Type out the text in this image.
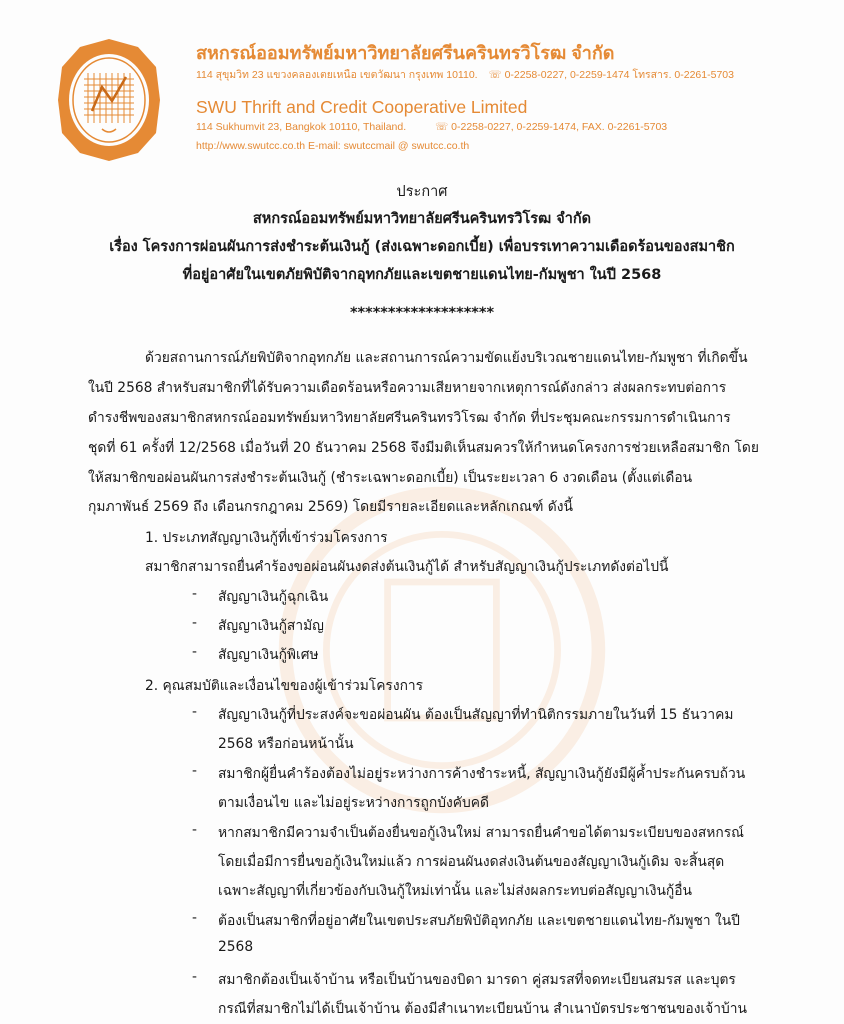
สหกรณ์ออมทรัพย์มหาวิทยาลัยศรีนครินทรวิโรฒ จำกัด
114 สุขุมวิท 23 แขวงคลองเตยเหนือ เขตวัฒนา กรุงเทพ 10110. ☏ 0-2258-0227, 0-2259-1474 โทรสาร. 0-2261-5703
SWU Thrift and Credit Cooperative Limited
114 Sukhumvit 23, Bangkok 10110, Thailand.	☏ 0-2258-0227, 0-2259-1474, FAX. 0-2261-5703
http://www.swutcc.co.th E-mail: swutccmail @ swutcc.co.th
ประกาศ
สหกรณ์ออมทรัพย์มหาวิทยาลัยศรีนครินทรวิโรฒ จำกัด
เรื่อง โครงการผ่อนผันการส่งชำระต้นเงินกู้ (ส่งเฉพาะดอกเบี้ย) เพื่อบรรเทาความเดือดร้อนของสมาชิก
ที่อยู่อาศัยในเขตภัยพิบัติจากอุทกภัยและเขตชายแดนไทย-กัมพูชา ในปี 2568
*******************
ด้วยสถานการณ์ภัยพิบัติจากอุทกภัย และสถานการณ์ความขัดแย้งบริเวณชายแดนไทย-กัมพูชา ที่เกิดขึ้น
ในปี 2568 สำหรับสมาชิกที่ได้รับความเดือดร้อนหรือความเสียหายจากเหตุการณ์ดังกล่าว ส่งผลกระทบต่อการ
ดำรงชีพของสมาชิกสหกรณ์ออมทรัพย์มหาวิทยาลัยศรีนครินทรวิโรฒ จำกัด ที่ประชุมคณะกรรมการดำเนินการ
ชุดที่ 61 ครั้งที่ 12/2568 เมื่อวันที่ 20 ธันวาคม 2568 จึงมีมติเห็นสมควรให้กำหนดโครงการช่วยเหลือสมาชิก โดย
ให้สมาชิกขอผ่อนผันการส่งชำระต้นเงินกู้ (ชำระเฉพาะดอกเบี้ย) เป็นระยะเวลา 6 งวดเดือน (ตั้งแต่เดือน
กุมภาพันธ์ 2569 ถึง เดือนกรกฎาคม 2569) โดยมีรายละเอียดและหลักเกณฑ์ ดังนี้
1. ประเภทสัญญาเงินกู้ที่เข้าร่วมโครงการ
สมาชิกสามารถยื่นคำร้องขอผ่อนผันงดส่งต้นเงินกู้ได้ สำหรับสัญญาเงินกู้ประเภทดังต่อไปนี้
- สัญญาเงินกู้ฉุกเฉิน
- สัญญาเงินกู้สามัญ
- สัญญาเงินกู้พิเศษ
2. คุณสมบัติและเงื่อนไขของผู้เข้าร่วมโครงการ
- สัญญาเงินกู้ที่ประสงค์จะขอผ่อนผัน ต้องเป็นสัญญาที่ทำนิติกรรมภายในวันที่ 15 ธันวาคม
2568 หรือก่อนหน้านั้น
- สมาชิกผู้ยื่นคำร้องต้องไม่อยู่ระหว่างการค้างชำระหนี้, สัญญาเงินกู้ยังมีผู้ค้ำประกันครบถ้วน
ตามเงื่อนไข และไม่อยู่ระหว่างการถูกบังคับคดี
- หากสมาชิกมีความจำเป็นต้องยื่นขอกู้เงินใหม่ สามารถยื่นคำขอได้ตามระเบียบของสหกรณ์
โดยเมื่อมีการยื่นขอกู้เงินใหม่แล้ว การผ่อนผันงดส่งเงินต้นของสัญญาเงินกู้เดิม จะสิ้นสุด
เฉพาะสัญญาที่เกี่ยวข้องกับเงินกู้ใหม่เท่านั้น และไม่ส่งผลกระทบต่อสัญญาเงินกู้อื่น
- ต้องเป็นสมาชิกที่อยู่อาศัยในเขตประสบภัยพิบัติอุทกภัย และเขตชายแดนไทย-กัมพูชา ในปี
2568
- สมาชิกต้องเป็นเจ้าบ้าน หรือเป็นบ้านของบิดา มารดา คู่สมรสที่จดทะเบียนสมรส และบุตร
กรณีที่สมาชิกไม่ได้เป็นเจ้าบ้าน ต้องมีสำเนาทะเบียนบ้าน สำเนาบัตรประชาชนของเจ้าบ้าน
